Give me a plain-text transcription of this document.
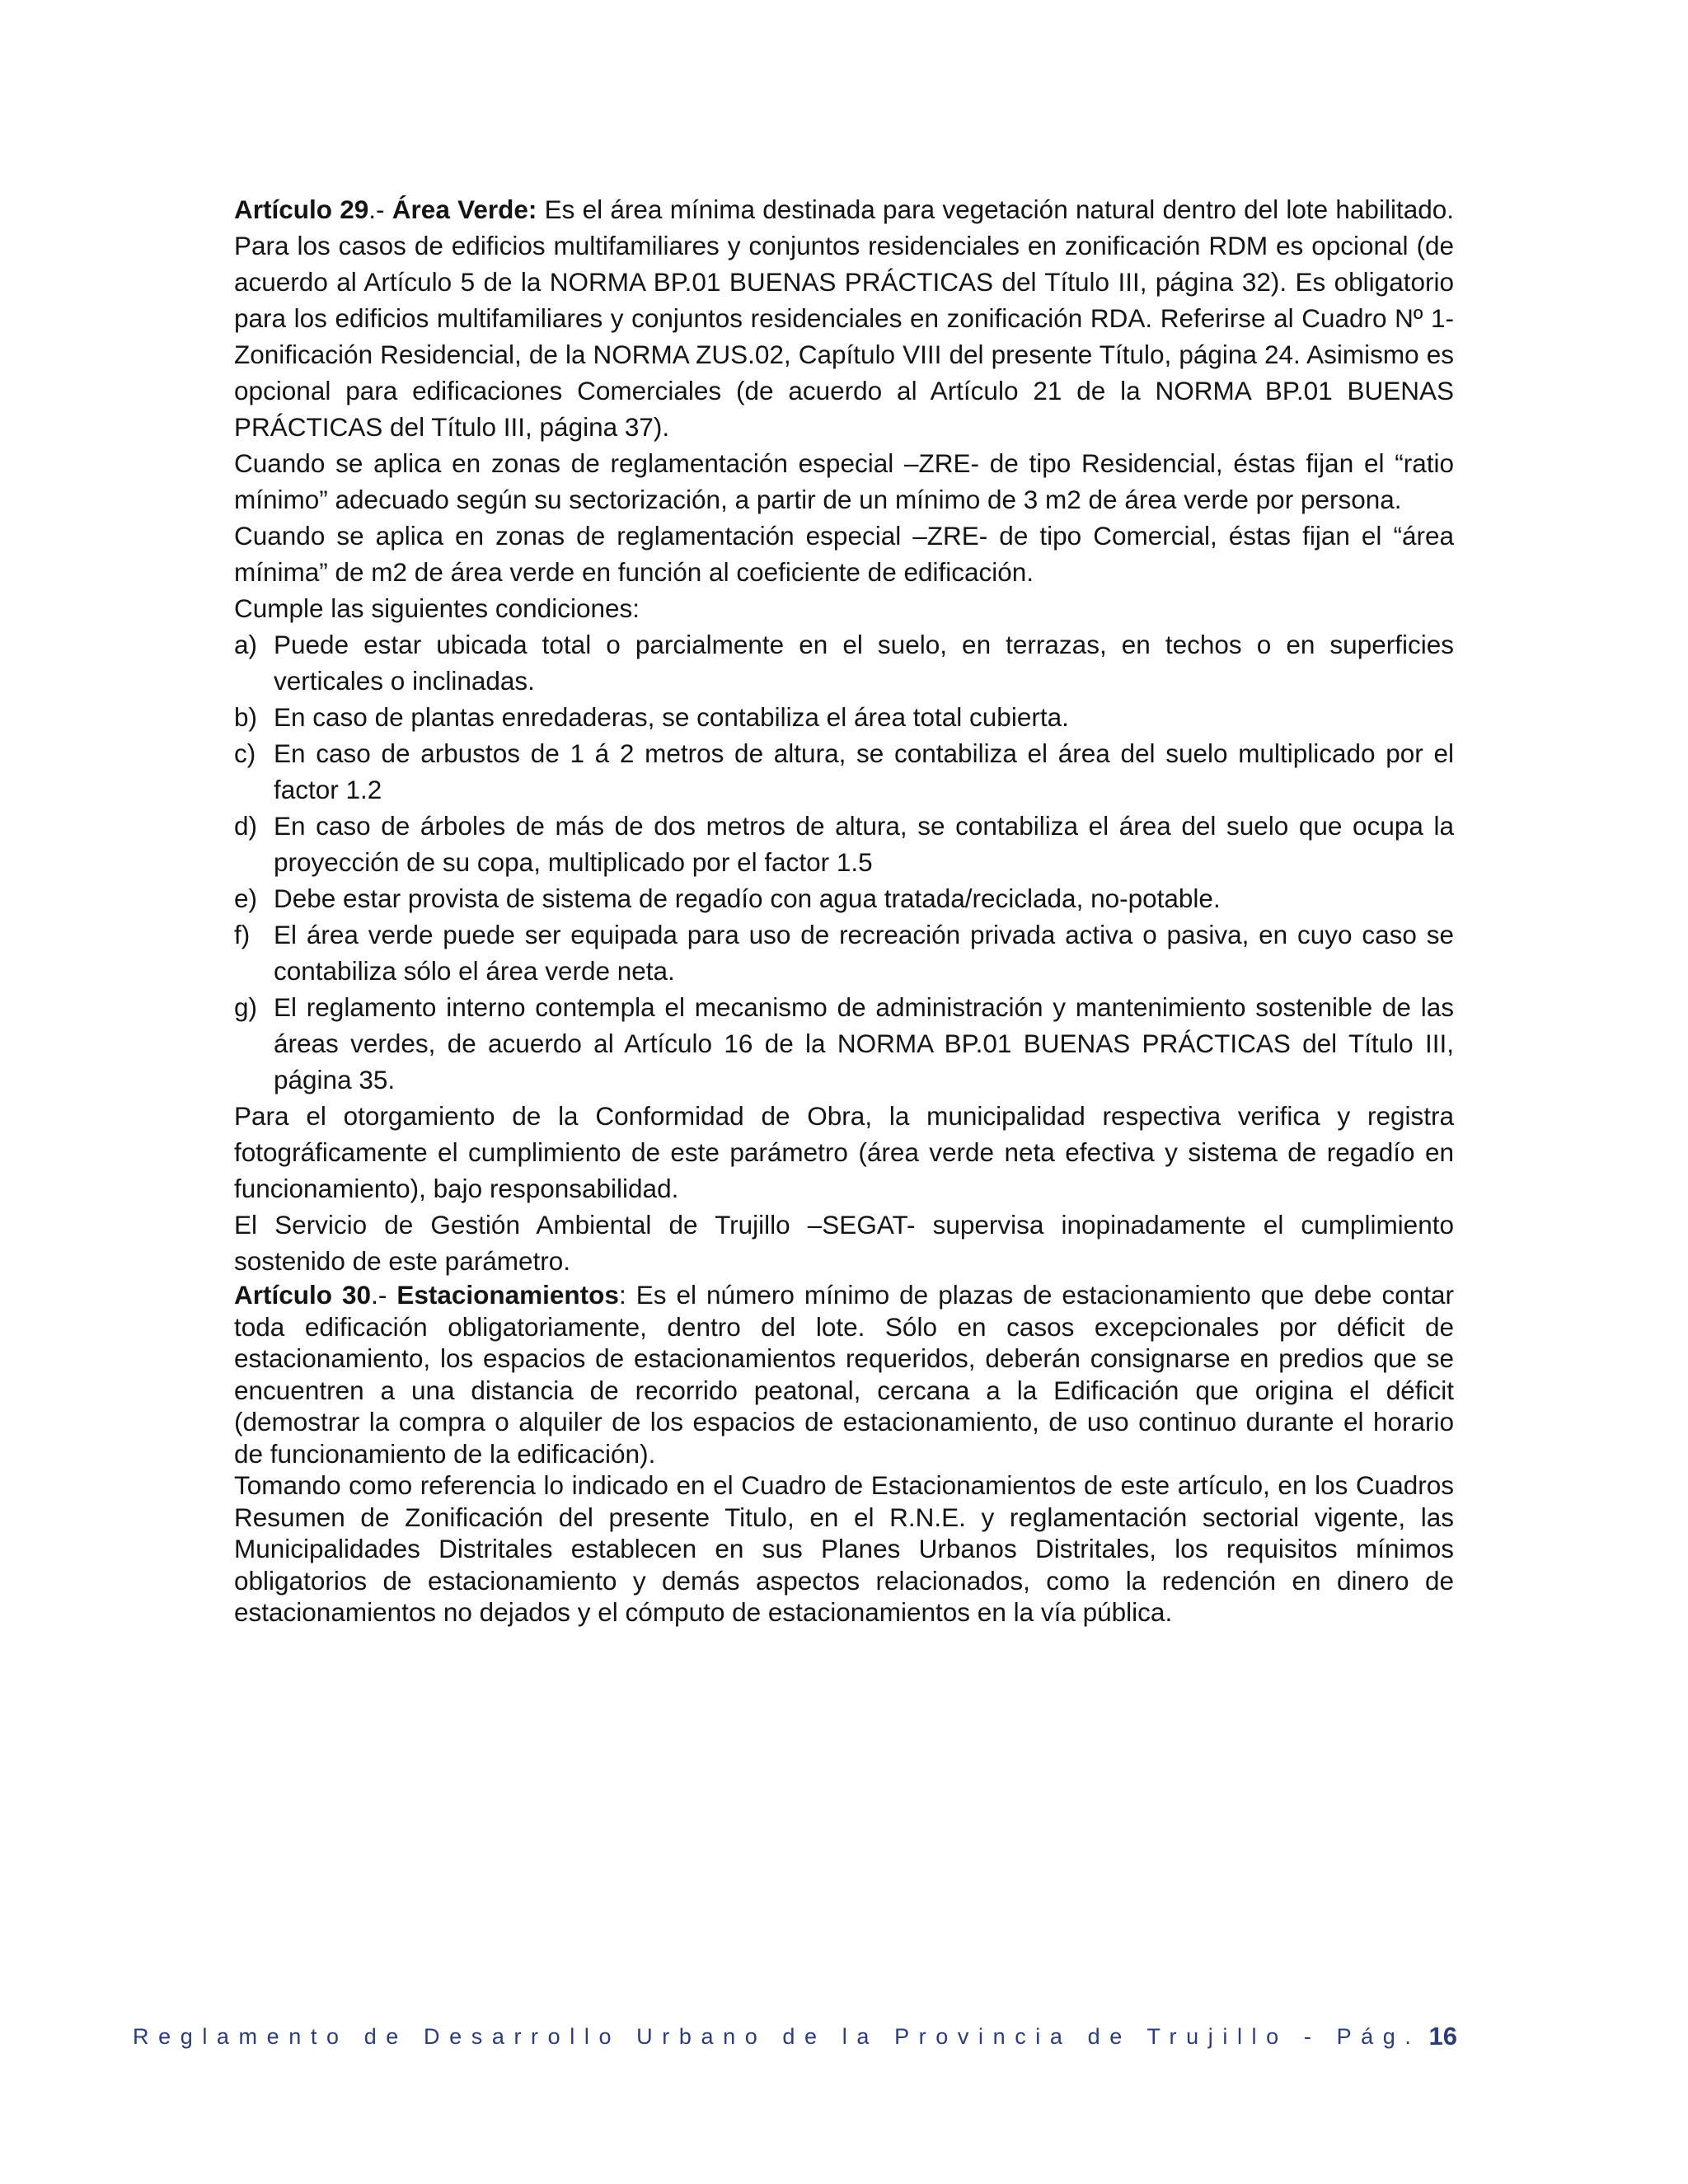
Artículo 29.- Área Verde: Es el área mínima destinada para vegetación natural dentro del lote habilitado. Para los casos de edificios multifamiliares y conjuntos residenciales en zonificación RDM es opcional (de acuerdo al Artículo 5 de la NORMA BP.01 BUENAS PRÁCTICAS del Título III, página 32). Es obligatorio para los edificios multifamiliares y conjuntos residenciales en zonificación RDA. Referirse al Cuadro Nº 1-Zonificación Residencial, de la NORMA ZUS.02, Capítulo VIII del presente Título, página 24. Asimismo es opcional para edificaciones Comerciales (de acuerdo al Artículo 21 de la NORMA BP.01 BUENAS PRÁCTICAS del Título III, página 37).

Cuando se aplica en zonas de reglamentación especial –ZRE- de tipo Residencial, éstas fijan el “ratio mínimo” adecuado según su sectorización, a partir de un mínimo de 3 m2 de área verde por persona.

Cuando se aplica en zonas de reglamentación especial –ZRE- de tipo Comercial, éstas fijan el “área mínima” de m2 de área verde en función al coeficiente de edificación.

Cumple las siguientes condiciones:

a) Puede estar ubicada total o parcialmente en el suelo, en terrazas, en techos o en superficies verticales o inclinadas.
b) En caso de plantas enredaderas, se contabiliza el área total cubierta.
c) En caso de arbustos de 1 á 2 metros de altura, se contabiliza el área del suelo multiplicado por el factor 1.2
d) En caso de árboles de más de dos metros de altura, se contabiliza el área del suelo que ocupa la proyección de su copa, multiplicado por el factor 1.5
e) Debe estar provista de sistema de regadío con agua tratada/reciclada, no-potable.
f) El área verde puede ser equipada para uso de recreación privada activa o pasiva, en cuyo caso se contabiliza sólo el área verde neta.
g) El reglamento interno contempla el mecanismo de administración y mantenimiento sostenible de las áreas verdes, de acuerdo al Artículo 16 de la NORMA BP.01 BUENAS PRÁCTICAS del Título III, página 35.

Para el otorgamiento de la Conformidad de Obra, la municipalidad respectiva verifica y registra fotográficamente el cumplimiento de este parámetro (área verde neta efectiva y sistema de regadío en funcionamiento), bajo responsabilidad.

El Servicio de Gestión Ambiental de Trujillo –SEGAT- supervisa inopinadamente el cumplimiento sostenido de este parámetro.

Artículo 30.- Estacionamientos: Es el número mínimo de plazas de estacionamiento que debe contar toda edificación obligatoriamente, dentro del lote. Sólo en casos excepcionales por déficit de estacionamiento, los espacios de estacionamientos requeridos, deberán consignarse en predios que se encuentren a una distancia de recorrido peatonal, cercana a la Edificación que origina el déficit (demostrar la compra o alquiler de los espacios de estacionamiento, de uso continuo durante el horario de funcionamiento de la edificación).

Tomando como referencia lo indicado en el Cuadro de Estacionamientos de este artículo, en los Cuadros Resumen de Zonificación del presente Titulo, en el R.N.E. y reglamentación sectorial vigente, las Municipalidades Distritales establecen en sus Planes Urbanos Distritales, los requisitos mínimos obligatorios de estacionamiento y demás aspectos relacionados, como la redención en dinero de estacionamientos no dejados y el cómputo de estacionamientos en la vía pública.

Reglamento de Desarrollo Urbano de la Provincia de Trujillo - Pág. 16
